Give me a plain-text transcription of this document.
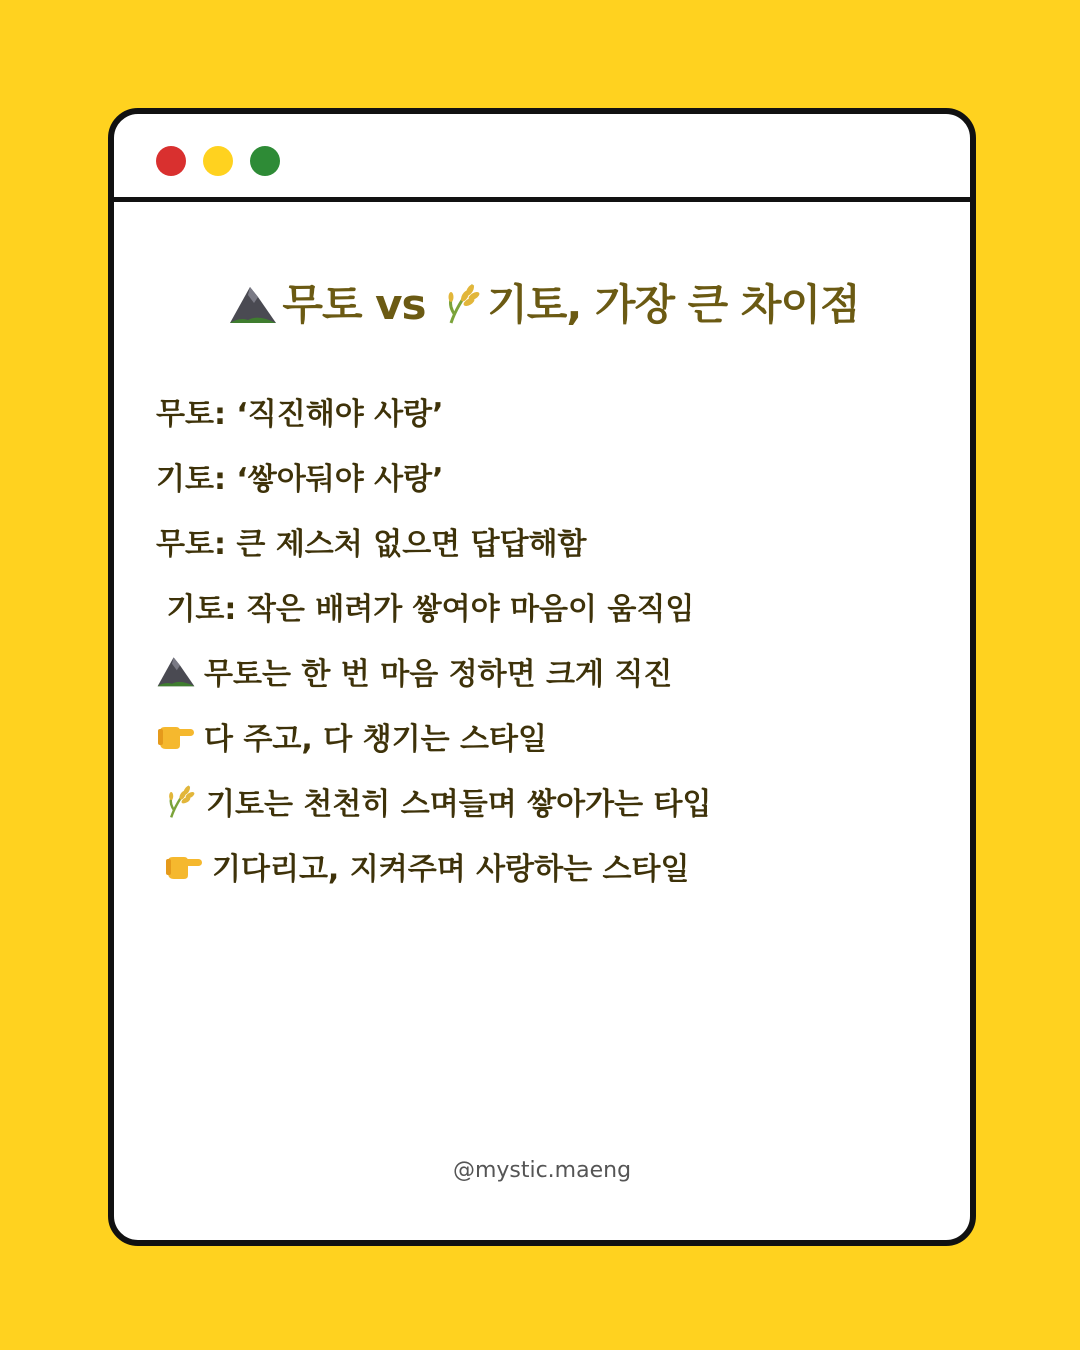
무토 vs 기토, 가장 큰 차이점
무토: ‘직진해야 사랑’
기토: ‘쌓아둬야 사랑’
무토: 큰 제스처 없으면 답답해함
기토: 작은 배려가 쌓여야 마음이 움직임
무토는 한 번 마음 정하면 크게 직진
다 주고, 다 챙기는 스타일
기토는 천천히 스며들며 쌓아가는 타입
기다리고, 지켜주며 사랑하는 스타일
@mystic.maeng
